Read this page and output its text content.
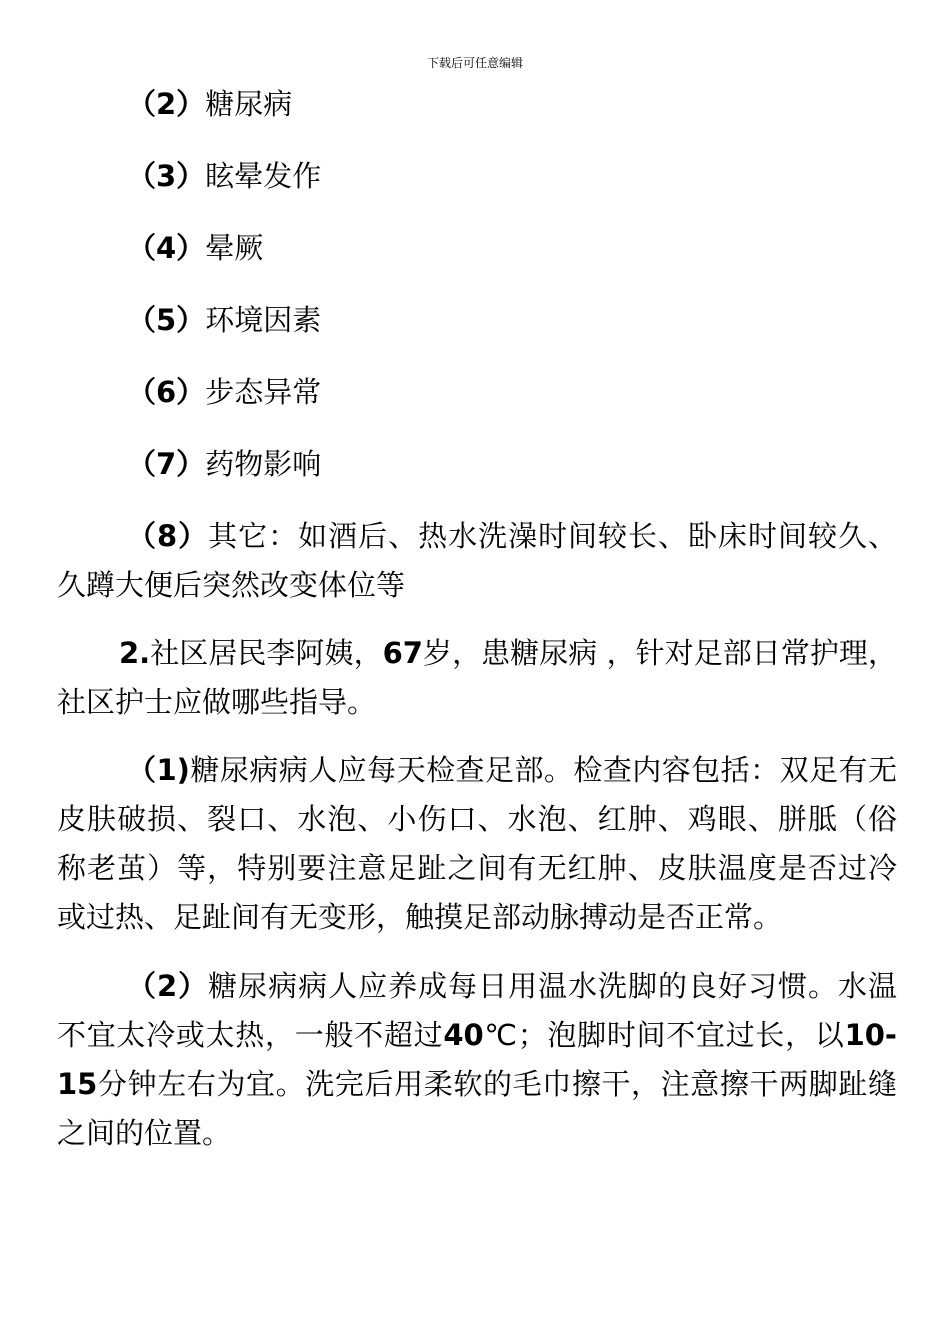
下载后可任意编辑

（2）糖尿病

（3）眩晕发作

（4）晕厥

（5）环境因素

（6）步态异常

（7）药物影响

（8）其它：如酒后、热水洗澡时间较长、卧床时间较久、久蹲大便后突然改变体位等

2.社区居民李阿姨，67岁，患糖尿病 ，针对足部日常护理，社区护士应做哪些指导。

（1)糖尿病病人应每天检查足部。检查内容包括：双足有无皮肤破损、裂口、水泡、小伤口、水泡、红肿、鸡眼、胼胝（俗称老茧）等，特别要注意足趾之间有无红肿、皮肤温度是否过冷或过热、足趾间有无变形，触摸足部动脉搏动是否正常。

（2）糖尿病病人应养成每日用温水洗脚的良好习惯。水温不宜太冷或太热，一般不超过40℃；泡脚时间不宜过长，以10-15分钟左右为宜。洗完后用柔软的毛巾擦干，注意擦干两脚趾缝之间的位置。
